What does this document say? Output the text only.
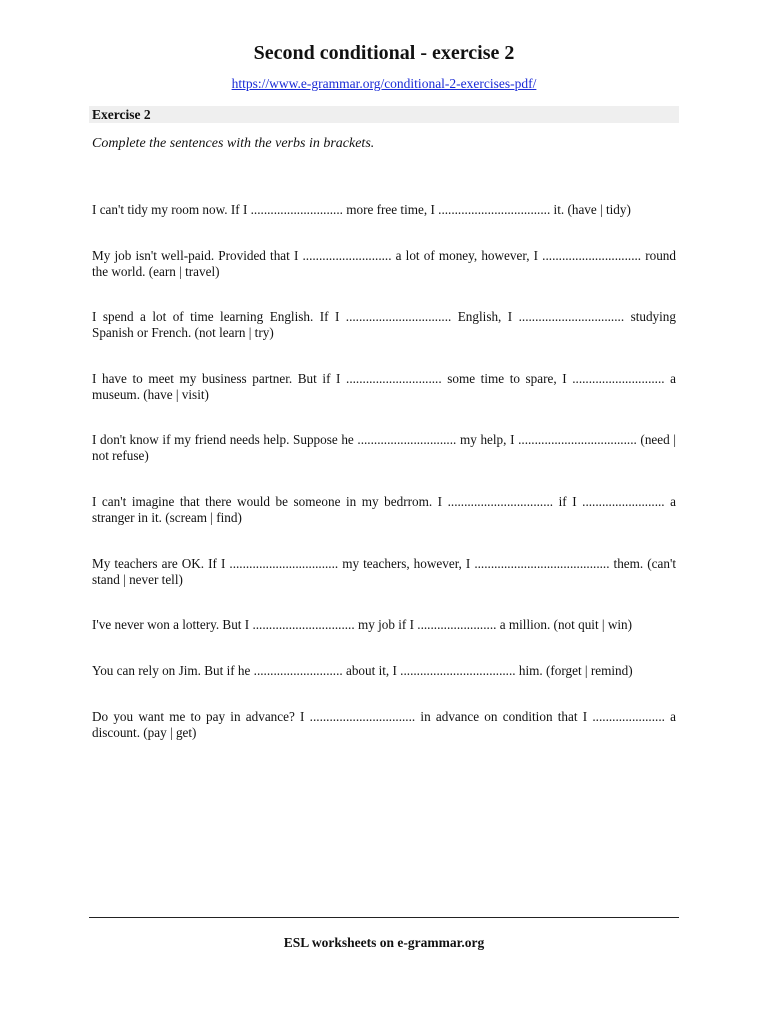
Second conditional - exercise 2
https://www.e-grammar.org/conditional-2-exercises-pdf/
Exercise 2
Complete the sentences with the verbs in brackets.
I can't tidy my room now. If I ............................ more free time, I .................................. it. (have | tidy)
My job isn't well-paid. Provided that I ........................... a lot of money, however, I .............................. round the world. (earn | travel)
I spend a lot of time learning English. If I ................................ English, I ................................ studying Spanish or French. (not learn | try)
I have to meet my business partner. But if I ............................. some time to spare, I ............................ a museum. (have | visit)
I don't know if my friend needs help. Suppose he .............................. my help, I .................................... (need | not refuse)
I can't imagine that there would be someone in my bedrrom. I ................................ if I ......................... a stranger in it. (scream | find)
My teachers are OK. If I ................................. my teachers, however, I ......................................... them. (can't stand | never tell)
I've never won a lottery. But I ............................... my job if I ........................ a million. (not quit | win)
You can rely on Jim. But if he ........................... about it, I ................................... him. (forget | remind)
Do you want me to pay in advance? I ................................ in advance on condition that I ...................... a discount. (pay | get)
ESL worksheets on e-grammar.org
